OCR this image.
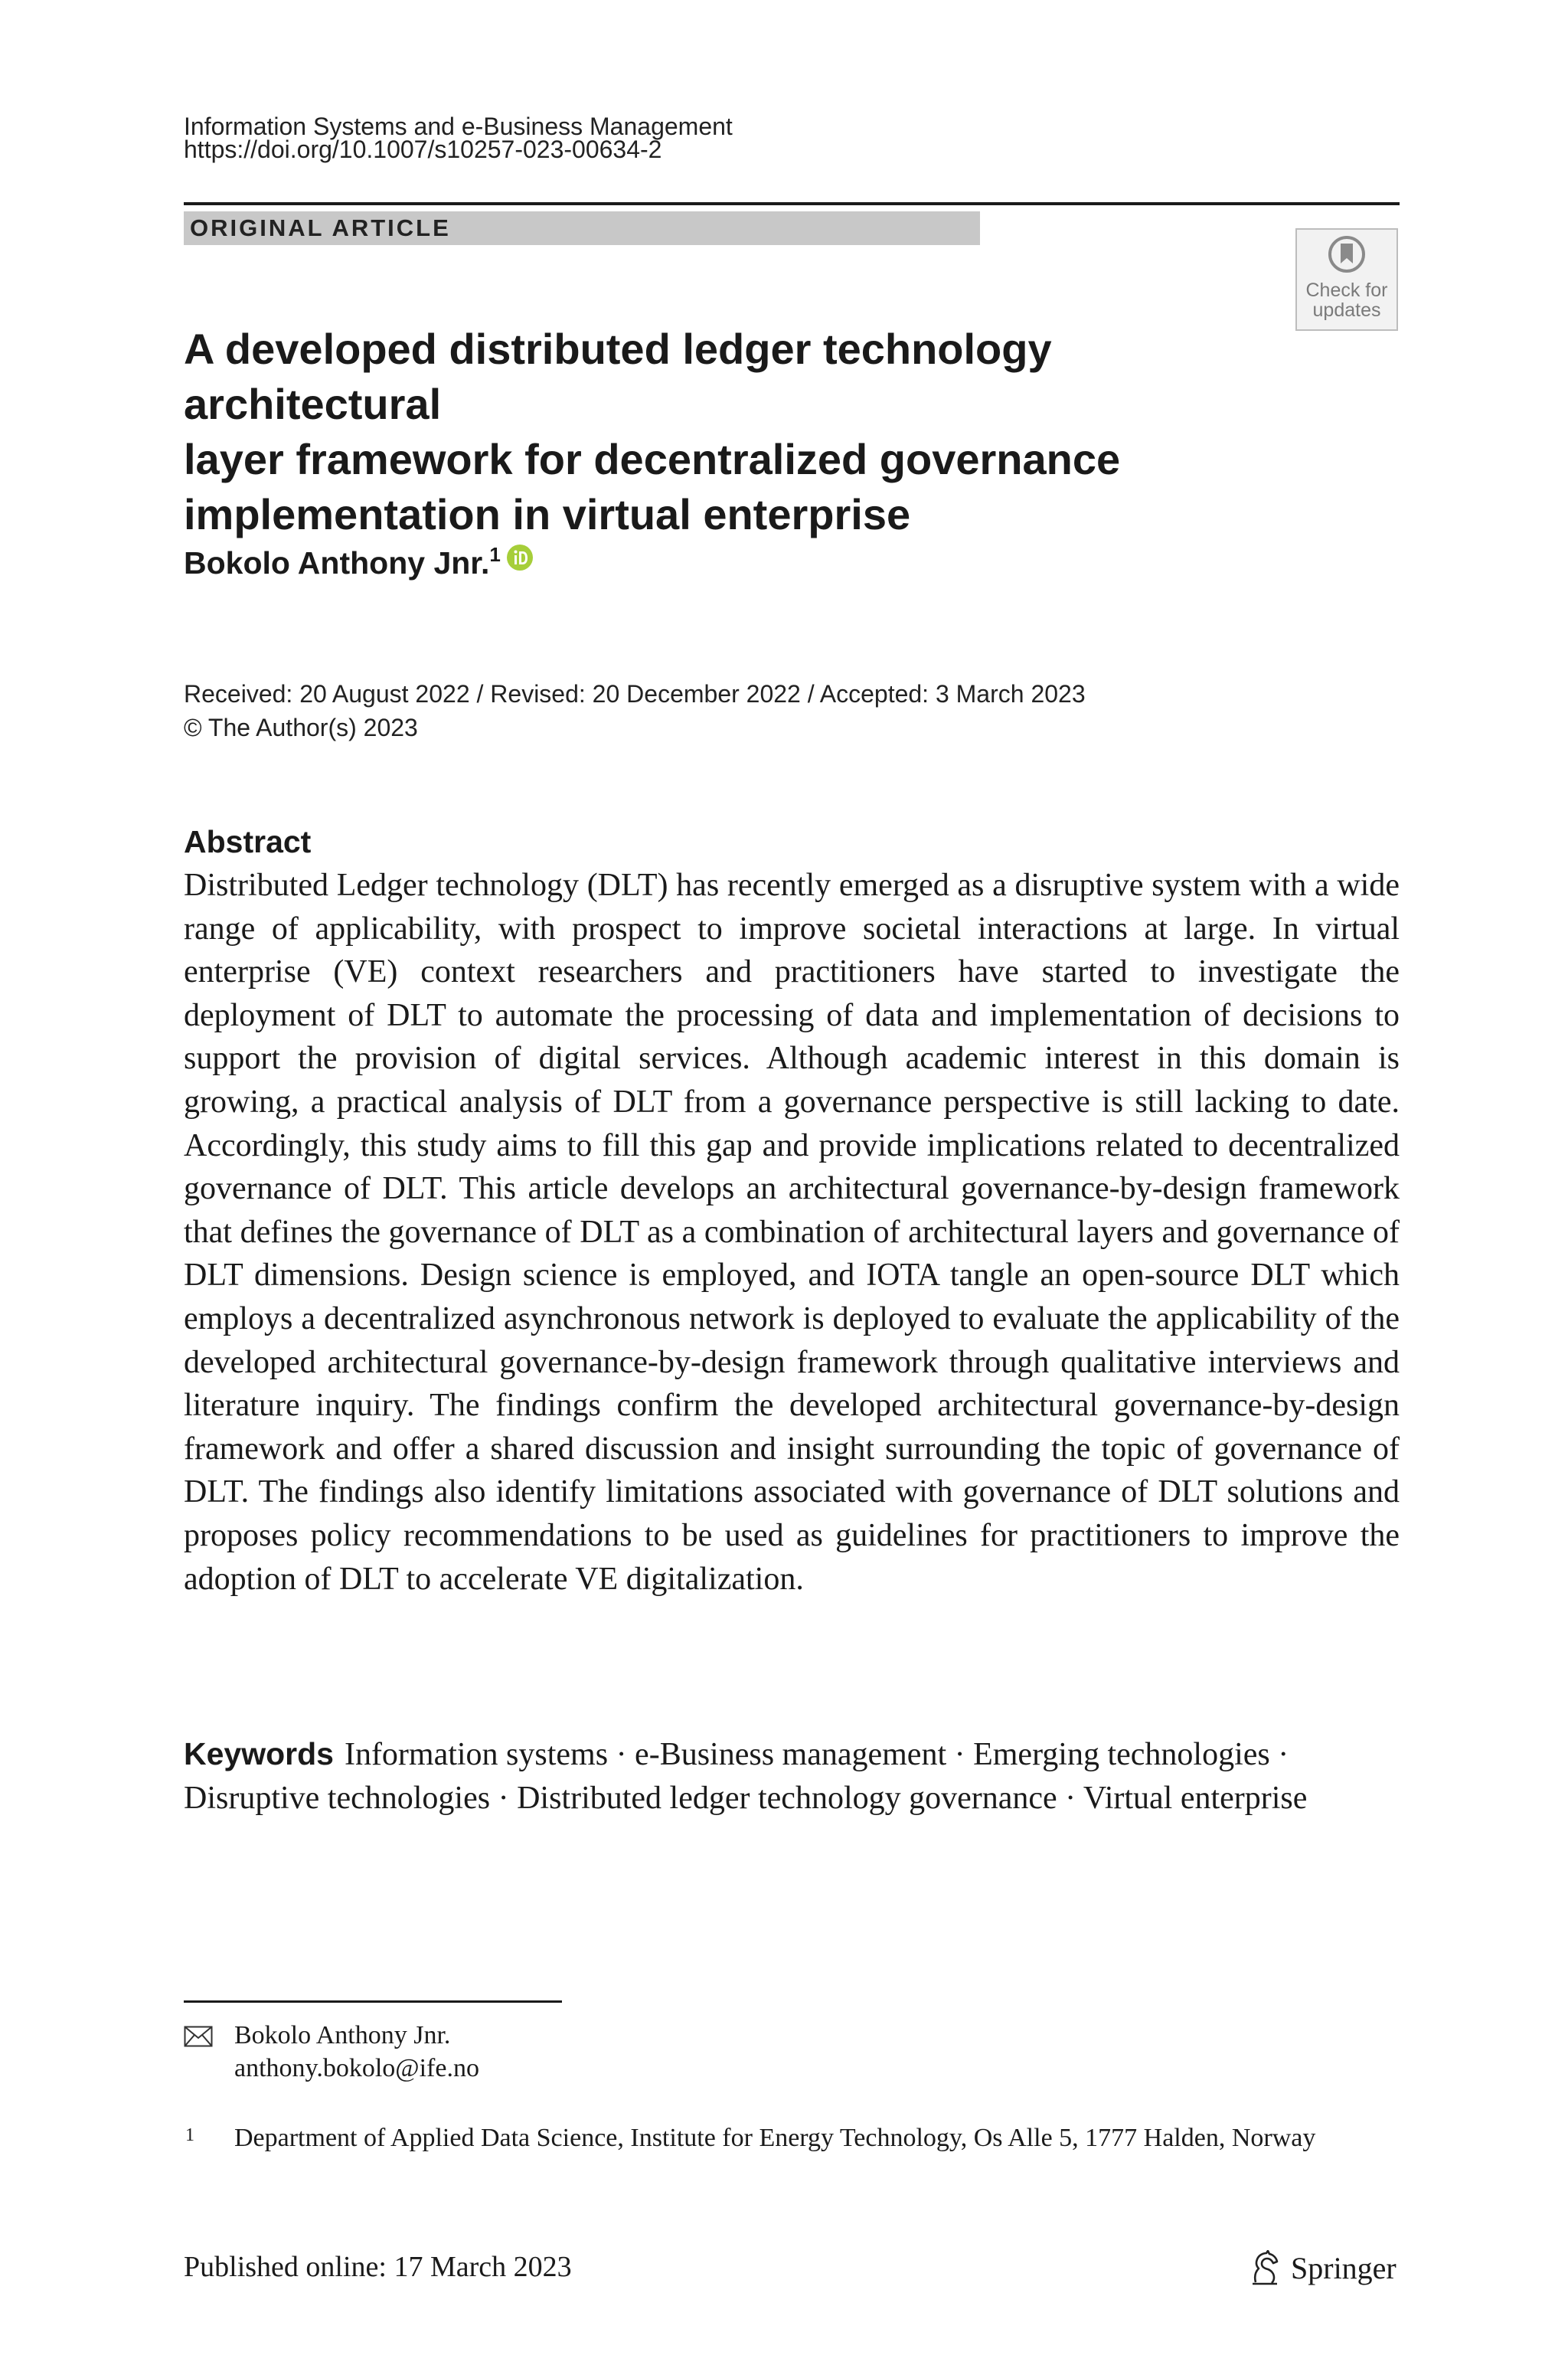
Information Systems and e-Business Management
https://doi.org/10.1007/s10257-023-00634-2
ORIGINAL ARTICLE
Check for
updates
A developed distributed ledger technology architectural
layer framework for decentralized governance
implementation in virtual enterprise
Bokolo Anthony Jnr.$^1$
Received: 20 August 2022 / Revised: 20 December 2022 / Accepted: 3 March 2023
© The Author(s) 2023
Abstract

Distributed Ledger technology (DLT) has recently emerged as a disruptive system with a wide range of applicability, with prospect to improve societal interactions at large. In virtual enterprise (VE) context researchers and practitioners have started to investigate the deployment of DLT to automate the processing of data and implementation of decisions to support the provision of digital services. Although academic interest in this domain is growing, a practical analysis of DLT from a governance perspective is still lacking to date. Accordingly, this study aims to fill this gap and provide implications related to decentralized governance of DLT. This article develops an architectural governance-by-design framework that defines the governance of DLT as a combination of architectural layers and governance of DLT dimensions. Design science is employed, and IOTA tangle an open-source DLT which employs a decentralized asynchronous network is deployed to evaluate the applicability of the developed architectural governance-by-design framework through qualitative interviews and literature inquiry. The findings confirm the developed architectural governance-by-design framework and offer a shared discussion and insight surrounding the topic of governance of DLT. The findings also identify limitations associated with governance of DLT solutions and proposes policy recommendations to be used as guidelines for practitioners to improve the adoption of DLT to accelerate VE digitalization.

Keywords Information systems · e-Business management · Emerging technologies · Disruptive technologies · Distributed ledger technology governance · Virtual enterprise
Bokolo Anthony Jnr.
anthony.bokolo@ife.no
1 Department of Applied Data Science, Institute for Energy Technology, Os Alle 5, 1777 Halden, Norway
Published online: 17 March 2023	Springer
